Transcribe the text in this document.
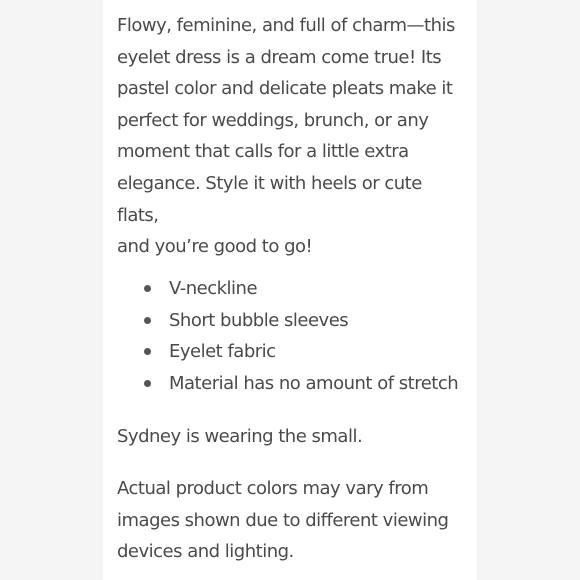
Flowy, feminine, and full of charm—this
eyelet dress is a dream come true! Its
pastel color and delicate pleats make it
perfect for weddings, brunch, or any
moment that calls for a little extra
elegance. Style it with heels or cute flats,
and you’re good to go!
V-neckline
Short bubble sleeves
Eyelet fabric
Material has no amount of stretch

Sydney is wearing the small.

Actual product colors may vary from
images shown due to different viewing
devices and lighting.
